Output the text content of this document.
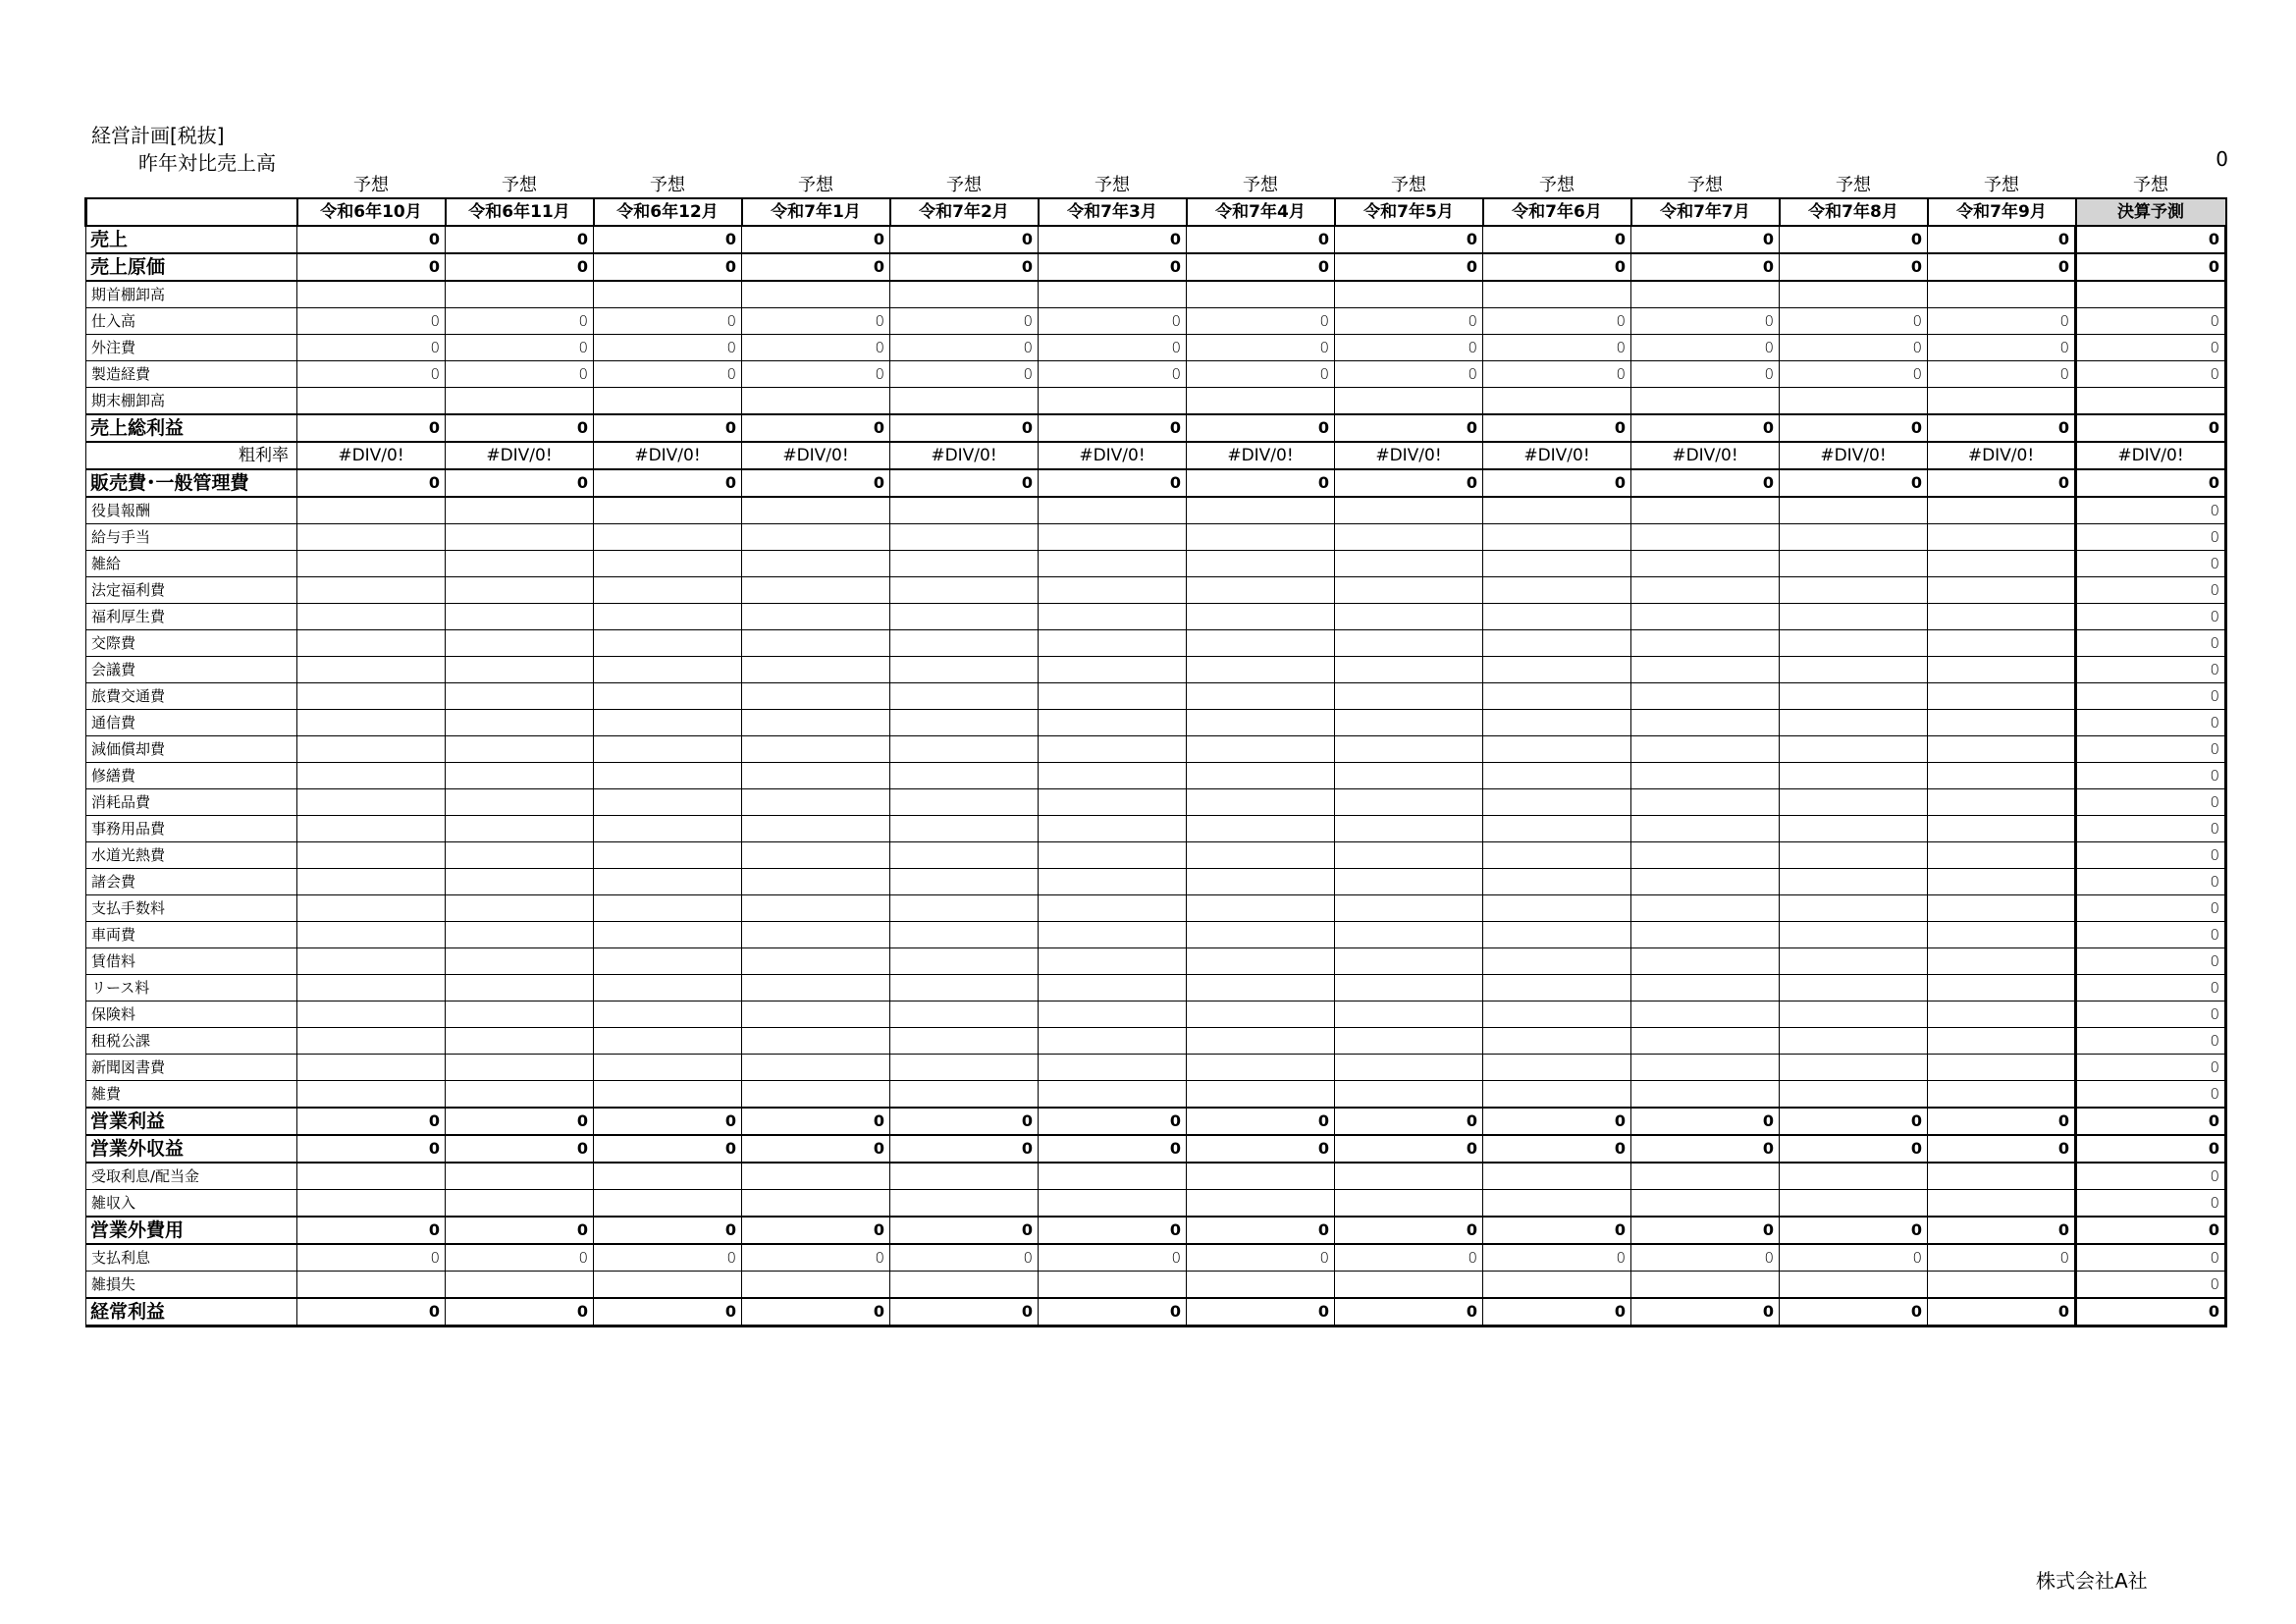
経営計画[税抜]
昨年対比売上高	0
	予想	予想	予想	予想	予想	予想	予想	予想	予想	予想	予想	予想	予想
	令和6年10月	令和6年11月	令和6年12月	令和7年1月	令和7年2月	令和7年3月	令和7年4月	令和7年5月	令和7年6月	令和7年7月	令和7年8月	令和7年9月	決算予測
売上	0	0	0	0	0	0	0	0	0	0	0	0	0
売上原価	0	0	0	0	0	0	0	0	0	0	0	0	0
期首棚卸高													
仕入高	0	0	0	0	0	0	0	0	0	0	0	0	0
外注費	0	0	0	0	0	0	0	0	0	0	0	0	0
製造経費	0	0	0	0	0	0	0	0	0	0	0	0	0
期末棚卸高													
売上総利益	0	0	0	0	0	0	0	0	0	0	0	0	0
粗利率	#DIV/0!	#DIV/0!	#DIV/0!	#DIV/0!	#DIV/0!	#DIV/0!	#DIV/0!	#DIV/0!	#DIV/0!	#DIV/0!	#DIV/0!	#DIV/0!	#DIV/0!
販売費･一般管理費	0	0	0	0	0	0	0	0	0	0	0	0	0
役員報酬													0
給与手当													0
雑給													0
法定福利費													0
福利厚生費													0
交際費													0
会議費													0
旅費交通費													0
通信費													0
減価償却費													0
修繕費													0
消耗品費													0
事務用品費													0
水道光熱費													0
諸会費													0
支払手数料													0
車両費													0
賃借料													0
リース料													0
保険料													0
租税公課													0
新聞図書費													0
雑費													0
営業利益	0	0	0	0	0	0	0	0	0	0	0	0	0
営業外収益	0	0	0	0	0	0	0	0	0	0	0	0	0
受取利息/配当金													0
雑収入													0
営業外費用	0	0	0	0	0	0	0	0	0	0	0	0	0
支払利息	0	0	0	0	0	0	0	0	0	0	0	0	0
雑損失													0
経常利益	0	0	0	0	0	0	0	0	0	0	0	0	0
株式会社A社
